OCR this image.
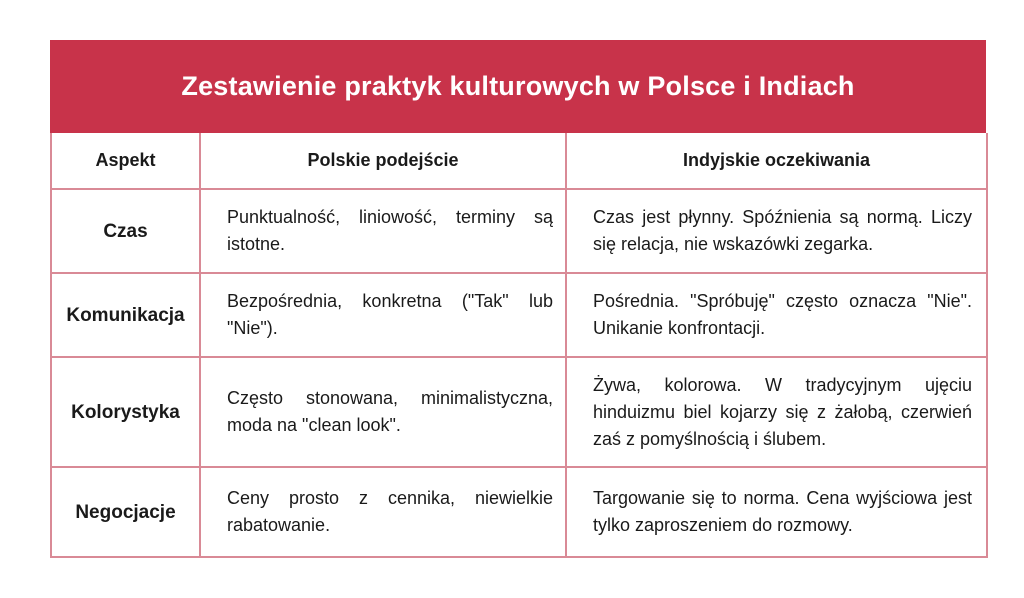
Zestawienie praktyk kulturowych w Polsce i Indiach
Aspekt	Polskie podejście	Indyjskie oczekiwania
Czas	Punktualność, liniowość, terminy są istotne.	Czas jest płynny. Spóźnienia są normą. Liczy się relacja, nie wskazówki zegarka.
Komunikacja	Bezpośrednia, konkretna ("Tak" lub "Nie").	Pośrednia. "Spróbuję" często oznacza "Nie". Unikanie konfrontacji.
Kolorystyka	Często stonowana, minimalistyczna, moda na "clean look".	Żywa, kolorowa. W tradycyjnym ujęciu hinduizmu biel kojarzy się z żałobą, czerwień zaś z pomyślnością i ślubem.
Negocjacje	Ceny prosto z cennika, niewielkie rabatowanie.	Targowanie się to norma. Cena wyjściowa jest tylko zaproszeniem do rozmowy.
